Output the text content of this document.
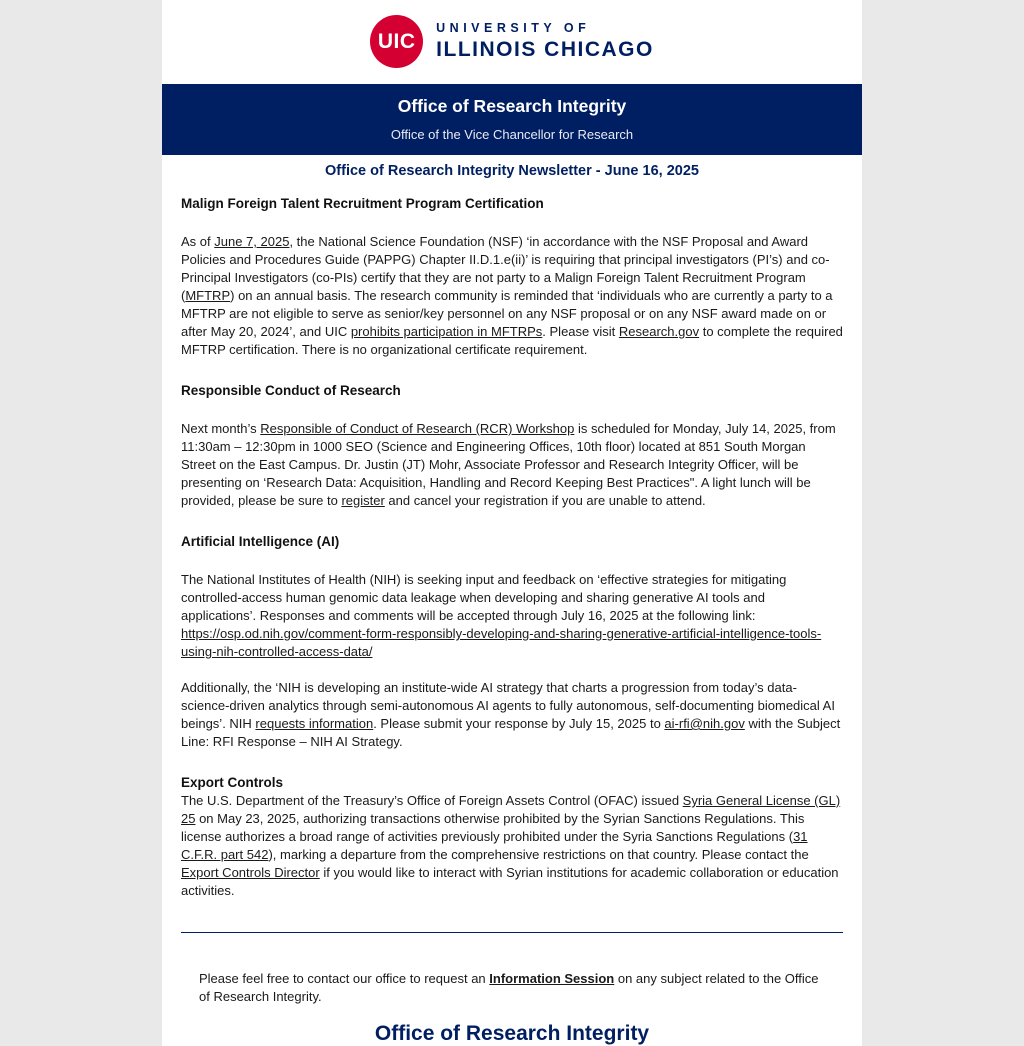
UIC
UNIVERSITY OF
ILLINOIS CHICAGO
Office of Research Integrity
Office of the Vice Chancellor for Research
Office of Research Integrity Newsletter - June 16, 2025
Malign Foreign Talent Recruitment Program Certification

As of June 7, 2025, the National Science Foundation (NSF) ‘in accordance with the NSF Proposal and Award Policies and Procedures Guide (PAPPG) Chapter II.D.1.e(ii)’ is requiring that principal investigators (PI’s) and co-Principal Investigators (co-PIs) certify that they are not party to a Malign Foreign Talent Recruitment Program (MFTRP) on an annual basis. The research community is reminded that ‘individuals who are currently a party to a MFTRP are not eligible to serve as senior/key personnel on any NSF proposal or on any NSF award made on or after May 20, 2024’, and UIC prohibits participation in MFTRPs. Please visit Research.gov to complete the required MFTRP certification. There is no organizational certificate requirement.

Responsible Conduct of Research

Next month’s Responsible of Conduct of Research (RCR) Workshop is scheduled for Monday, July 14, 2025, from 11:30am – 12:30pm in 1000 SEO (Science and Engineering Offices, 10th floor) located at 851 South Morgan Street on the East Campus. Dr. Justin (JT) Mohr, Associate Professor and Research Integrity Officer, will be presenting on ‘Research Data: Acquisition, Handling and Record Keeping Best Practices". A light lunch will be provided, please be sure to register and cancel your registration if you are unable to attend.

Artificial Intelligence (AI)

The National Institutes of Health (NIH) is seeking input and feedback on ‘effective strategies for mitigating controlled-access human genomic data leakage when developing and sharing generative AI tools and applications’. Responses and comments will be accepted through July 16, 2025 at the following link: https://osp.od.nih.gov/comment-form-responsibly-developing-and-sharing-generative-artificial-intelligence-tools-using-nih-controlled-access-data/

Additionally, the ‘NIH is developing an institute-wide AI strategy that charts a progression from today’s data-science-driven analytics through semi-autonomous AI agents to fully autonomous, self-documenting biomedical AI beings’. NIH requests information. Please submit your response by July 15, 2025 to ai-rfi@nih.gov with the Subject Line: RFI Response – NIH AI Strategy.

Export Controls

The U.S. Department of the Treasury’s Office of Foreign Assets Control (OFAC) issued Syria General License (GL) 25 on May 23, 2025, authorizing transactions otherwise prohibited by the Syrian Sanctions Regulations. This license authorizes a broad range of activities previously prohibited under the Syria Sanctions Regulations (31 C.F.R. part 542), marking a departure from the comprehensive restrictions on that country. Please contact the Export Controls Director if you would like to interact with Syrian institutions for academic collaboration or education activities.

Please feel free to contact our office to request an Information Session on any subject related to the Office of Research Integrity.

Office of Research Integrity
